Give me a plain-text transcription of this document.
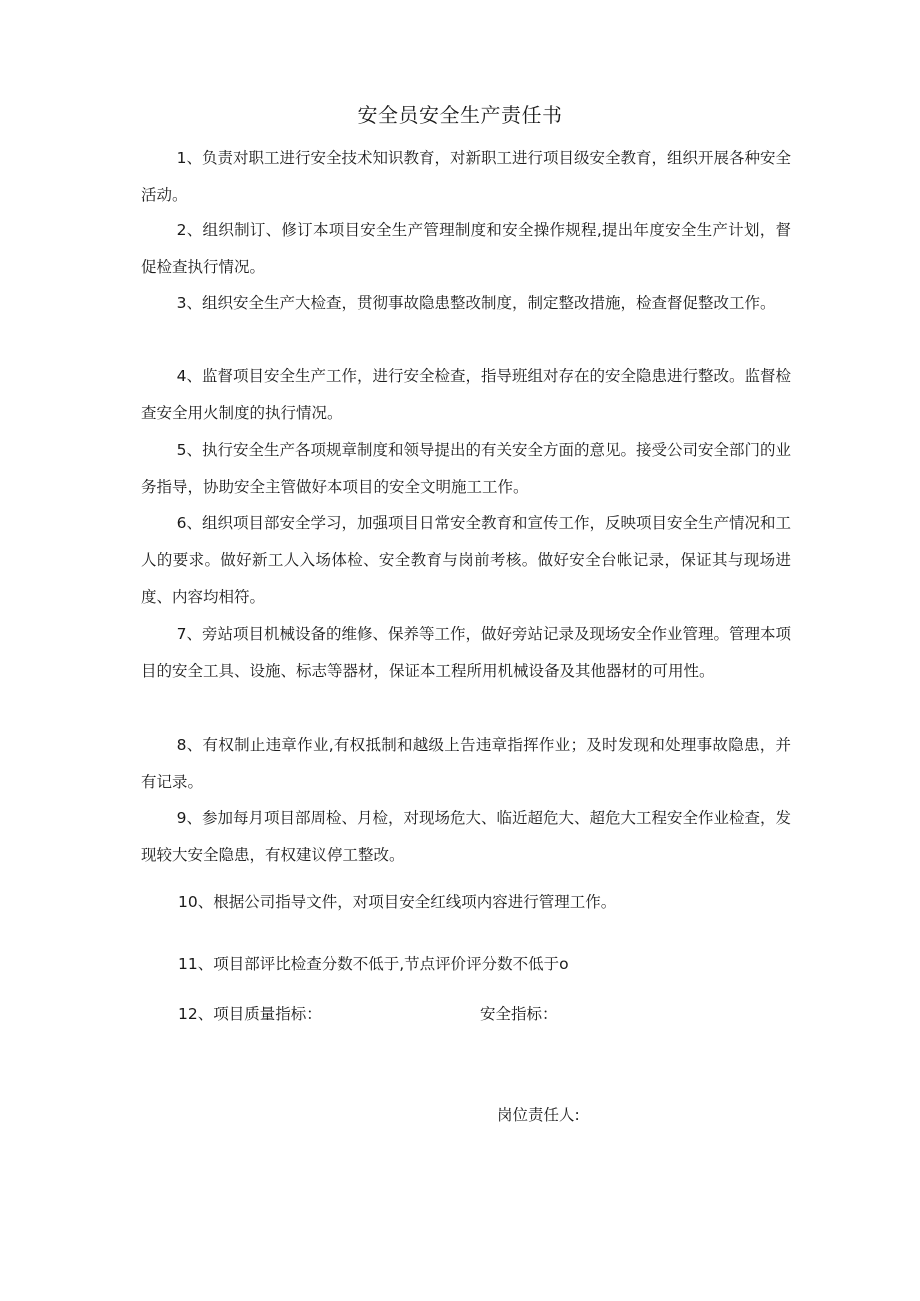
安全员安全生产责任书

1、负责对职工进行安全技术知识教育，对新职工进行项目级安全教育，组织开展各种安全活动。

2、组织制订、修订本项目安全生产管理制度和安全操作规程,提出年度安全生产计划，督促检查执行情况。

3、组织安全生产大检查，贯彻事故隐患整改制度，制定整改措施，检查督促整改工作。

4、监督项目安全生产工作，进行安全检查，指导班组对存在的安全隐患进行整改。监督检查安全用火制度的执行情况。

5、执行安全生产各项规章制度和领导提出的有关安全方面的意见。接受公司安全部门的业务指导，协助安全主管做好本项目的安全文明施工工作。

6、组织项目部安全学习，加强项目日常安全教育和宣传工作，反映项目安全生产情况和工人的要求。做好新工人入场体检、安全教育与岗前考核。做好安全台帐记录，保证其与现场进度、内容均相符。

7、旁站项目机械设备的维修、保养等工作，做好旁站记录及现场安全作业管理。管理本项目的安全工具、设施、标志等器材，保证本工程所用机械设备及其他器材的可用性。

8、有权制止违章作业,有权抵制和越级上告违章指挥作业；及时发现和处理事故隐患，并有记录。

9、参加每月项目部周检、月检，对现场危大、临近超危大、超危大工程安全作业检查，发现较大安全隐患，有权建议停工整改。

10、根据公司指导文件，对项目安全红线项内容进行管理工作。
11、项目部评比检查分数不低于,节点评价评分数不低于o
12、项目质量指标：	安全指标：
岗位责任人:
